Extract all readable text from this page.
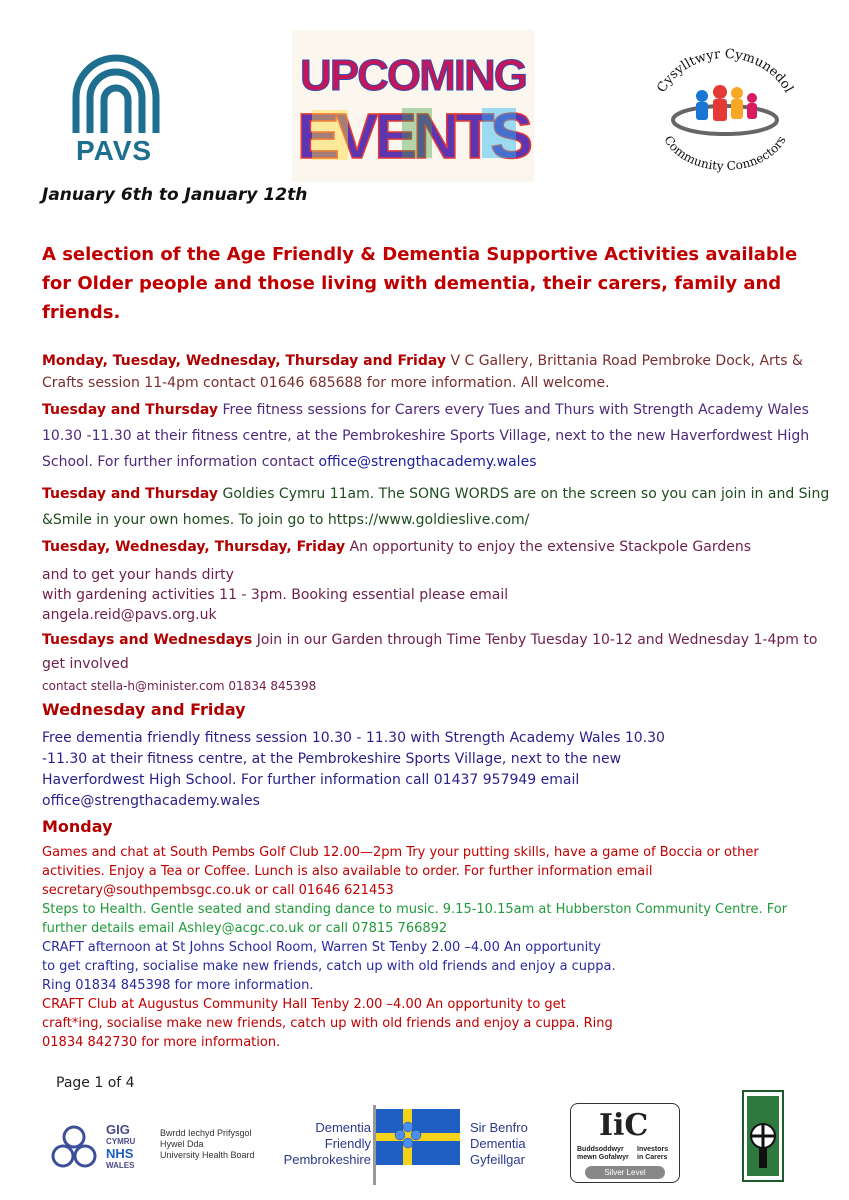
PAVS
UPCOMING
EVENTS
Cysylltwyr Cymunedol
Community Connectors
January 6th to January 12th
A selection of the Age Friendly & Dementia Supportive Activities available for Older people and those living with dementia, their carers, family and friends.
Monday, Tuesday, Wednesday, Thursday and Friday V C Gallery, Brittania Road Pembroke Dock, Arts & Crafts session 11-4pm contact 01646 685688 for more information. All welcome.
Tuesday and Thursday Free fitness sessions for Carers every Tues and Thurs with Strength Academy Wales 10.30 -11.30 at their fitness centre, at the Pembrokeshire Sports Village, next to the new Haverfordwest High School. For further information contact office@strengthacademy.wales
Tuesday and Thursday Goldies Cymru 11am. The SONG WORDS are on the screen so you can join in and Sing &Smile in your own homes. To join go to https://www.goldieslive.com/
Tuesday, Wednesday, Thursday, Friday An opportunity to enjoy the extensive Stackpole Gardens
and to get your hands dirty
with gardening activities 11 - 3pm. Booking essential please email
angela.reid@pavs.org.uk
Tuesdays and Wednesdays Join in our Garden through Time Tenby Tuesday 10-12 and Wednesday 1-4pm to get involved
contact stella-h@minister.com 01834 845398
Wednesday and Friday
Free dementia friendly fitness session 10.30 - 11.30 with Strength Academy Wales 10.30 -11.30 at their fitness centre, at the Pembrokeshire Sports Village, next to the new Haverfordwest High School. For further information call 01437 957949 email office@strengthacademy.wales
Monday
Games and chat at South Pembs Golf Club 12.00—2pm Try your putting skills, have a game of Boccia or other activities. Enjoy a Tea or Coffee. Lunch is also available to order. For further information email secretary@southpembsgc.co.uk or call 01646 621453
Steps to Health. Gentle seated and standing dance to music. 9.15-10.15am at Hubberston Community Centre. For further details email Ashley@acgc.co.uk or call 07815 766892
CRAFT afternoon at St Johns School Room, Warren St Tenby 2.00 –4.00 An opportunity
to get crafting, socialise make new friends, catch up with old friends and enjoy a cuppa.
Ring 01834 845398 for more information.
CRAFT Club at Augustus Community Hall Tenby 2.00 –4.00 An opportunity to get
craft*ing, socialise make new friends, catch up with old friends and enjoy a cuppa. Ring
01834 842730 for more information.
Page 1 of 4
GIG
CYMRU
NHS
WALES
Bwrdd Iechyd Prifysgol
Hywel Dda
University Health Board
Dementia
Friendly
Pembrokeshire
Sir Benfro
Dementia
Gyfeillgar
IiC
Buddsoddwyr
mewn Gofalwyr
Investors
in Carers
Silver Level
